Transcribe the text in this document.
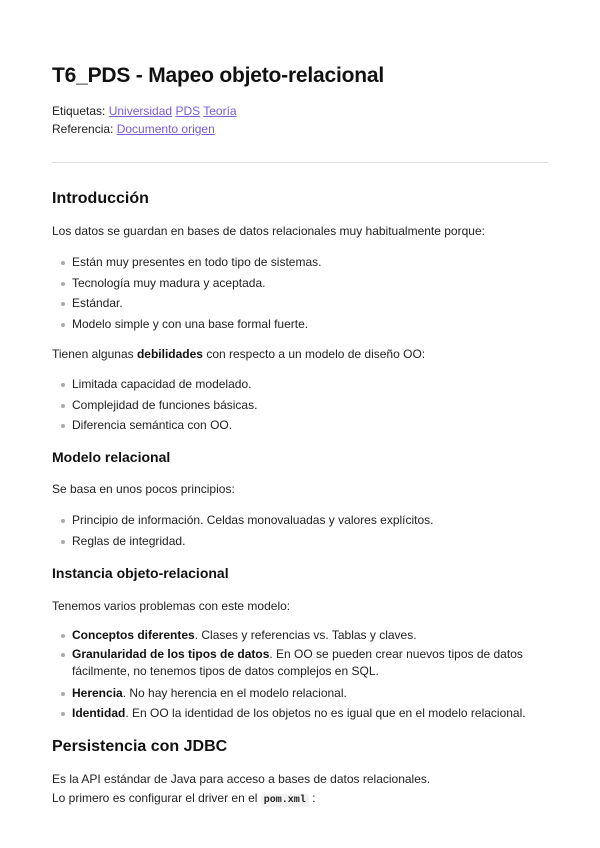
T6_PDS - Mapeo objeto-relacional
Etiquetas: Universidad PDS Teoría
Referencia: Documento origen
Introducción

Los datos se guardan en bases de datos relacionales muy habitualmente porque:

Están muy presentes en todo tipo de sistemas.
Tecnología muy madura y aceptada.
Estándar.
Modelo simple y con una base formal fuerte.

Tienen algunas debilidades con respecto a un modelo de diseño OO:

Limitada capacidad de modelado.
Complejidad de funciones básicas.
Diferencia semántica con OO.
Modelo relacional

Se basa en unos pocos principios:

Principio de información. Celdas monovaluadas y valores explícitos.
Reglas de integridad.
Instancia objeto-relacional

Tenemos varios problemas con este modelo:

Conceptos diferentes. Clases y referencias vs. Tablas y claves.
Granularidad de los tipos de datos. En OO se pueden crear nuevos tipos de datos fácilmente, no tenemos tipos de datos complejos en SQL.
Herencia. No hay herencia en el modelo relacional.
Identidad. En OO la identidad de los objetos no es igual que en el modelo relacional.
Persistencia con JDBC

Es la API estándar de Java para acceso a bases de datos relacionales.

Lo primero es configurar el driver en el pom.xml :
